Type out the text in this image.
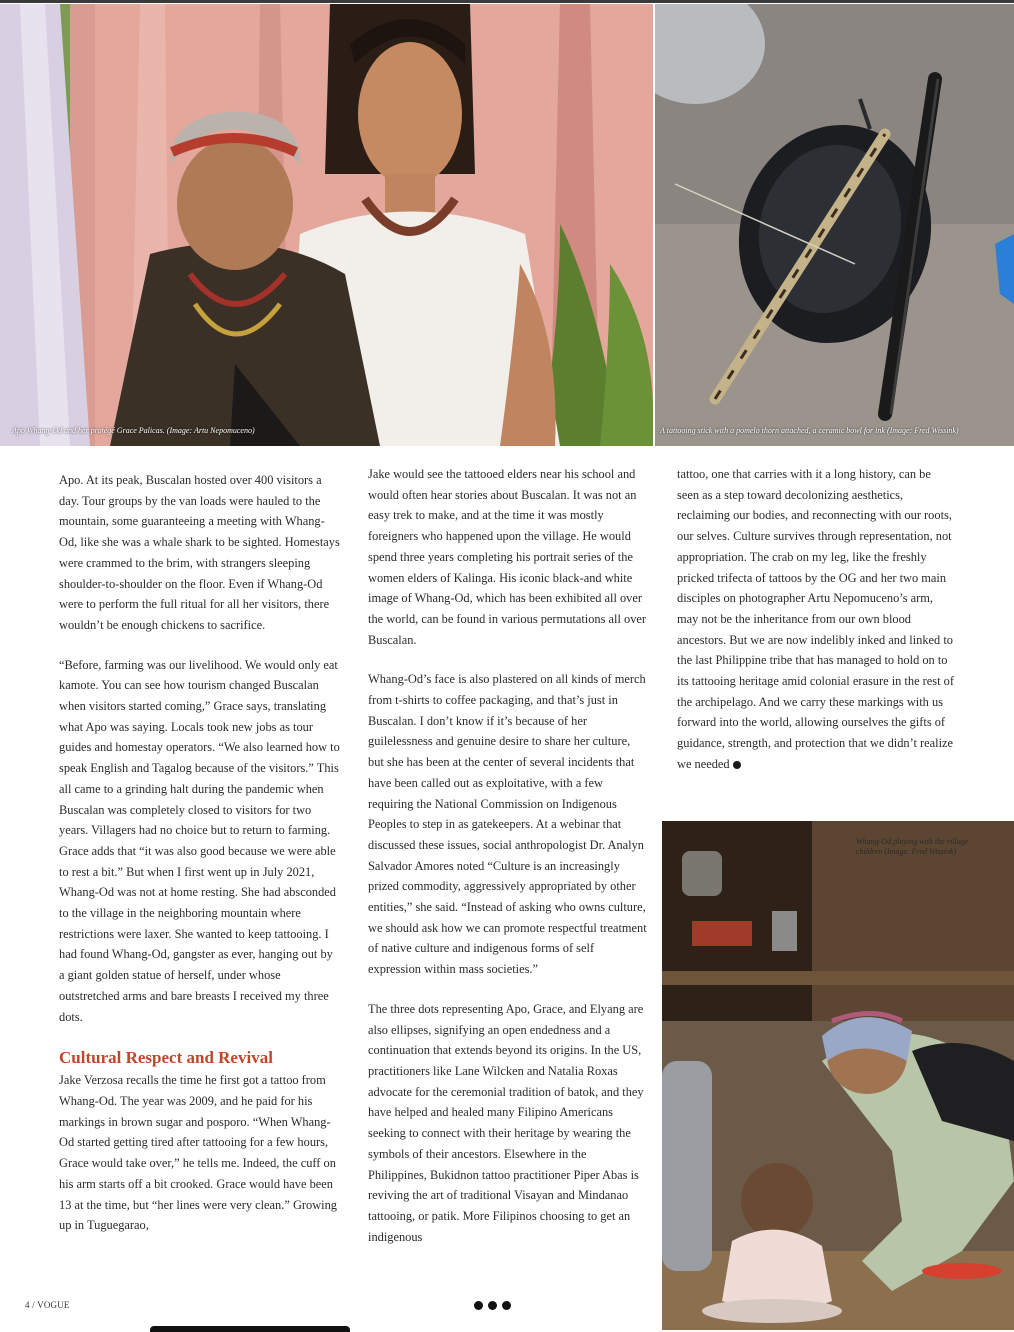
Apo Whang-Od and her protégé Grace Palicas. (Image: Artu Nepomuceno)	A tattooing stick with a pomelo thorn attached, a ceramic bowl for ink (Image: Fred Wissink)
Whang-Od playing with the village children (Image: Fred Wissink)

Apo. At its peak, Buscalan hosted over 400 visitors a day. Tour groups by the van loads were hauled to the mountain, some guaranteeing a meeting with Whang-Od, like she was a whale shark to be sighted. Homestays were crammed to the brim, with strangers sleeping shoulder-to-shoulder on the floor. Even if Whang-Od were to perform the full ritual for all her visitors, there wouldn’t be enough chickens to sacrifice.

“Before, farming was our livelihood. We would only eat kamote. You can see how tourism changed Buscalan when visitors started coming,” Grace says, translating what Apo was saying. Locals took new jobs as tour guides and homestay operators. “We also learned how to speak English and Tagalog because of the visitors.” This all came to a grinding halt during the pandemic when Buscalan was completely closed to visitors for two years. Villagers had no choice but to return to farming. Grace adds that “it was also good because we were able to rest a bit.” But when I first went up in July 2021, Whang-Od was not at home resting. She had absconded to the village in the neighboring mountain where restrictions were laxer. She wanted to keep tattooing. I had found Whang-Od, gangster as ever, hanging out by a giant golden statue of herself, under whose outstretched arms and bare breasts I received my three dots.

Cultural Respect and Revival

Jake Verzosa recalls the time he first got a tattoo from Whang-Od. The year was 2009, and he paid for his markings in brown sugar and posporo. “When Whang-Od started getting tired after tattooing for a few hours, Grace would take over,” he tells me. Indeed, the cuff on his arm starts off a bit crooked. Grace would have been 13 at the time, but “her lines were very clean.” Growing up in Tuguegarao,

Jake would see the tattooed elders near his school and would often hear stories about Buscalan. It was not an easy trek to make, and at the time it was mostly foreigners who happened upon the village. He would spend three years completing his portrait series of the women elders of Kalinga. His iconic black-and white image of Whang-Od, which has been exhibited all over the world, can be found in various permutations all over Buscalan.

Whang-Od’s face is also plastered on all kinds of merch from t-shirts to coffee packaging, and that’s just in Buscalan. I don’t know if it’s because of her guilelessness and genuine desire to share her culture, but she has been at the center of several incidents that have been called out as exploitative, with a few requiring the National Commission on Indigenous Peoples to step in as gatekeepers. At a webinar that discussed these issues, social anthropologist Dr. Analyn Salvador Amores noted “Culture is an increasingly prized commodity, aggressively appropriated by other entities,” she said. “Instead of asking who owns culture, we should ask how we can promote respectful treatment of native culture and indigenous forms of self expression within mass societies.”

The three dots representing Apo, Grace, and Elyang are also ellipses, signifying an open endedness and a continuation that extends beyond its origins. In the US, practitioners like Lane Wilcken and Natalia Roxas advocate for the ceremonial tradition of batok, and they have helped and healed many Filipino Americans seeking to connect with their heritage by wearing the symbols of their ancestors. Elsewhere in the Philippines, Bukidnon tattoo practitioner Piper Abas is reviving the art of traditional Visayan and Mindanao tattooing, or patik. More Filipinos choosing to get an indigenous

tattoo, one that carries with it a long history, can be seen as a step toward decolonizing aesthetics, reclaiming our bodies, and reconnecting with our roots, our selves. Culture survives through representation, not appropriation. The crab on my leg, like the freshly pricked trifecta of tattoos by the OG and her two main disciples on photographer Artu Nepomuceno’s arm, may not be the inheritance from our own blood ancestors. But we are now indelibly inked and linked to the last Philippine tribe that has managed to hold on to its tattooing heritage amid colonial erasure in the rest of the archipelago. And we carry these markings with us forward into the world, allowing ourselves the gifts of guidance, strength, and protection that we didn’t realize we needed

4 / VOGUE
